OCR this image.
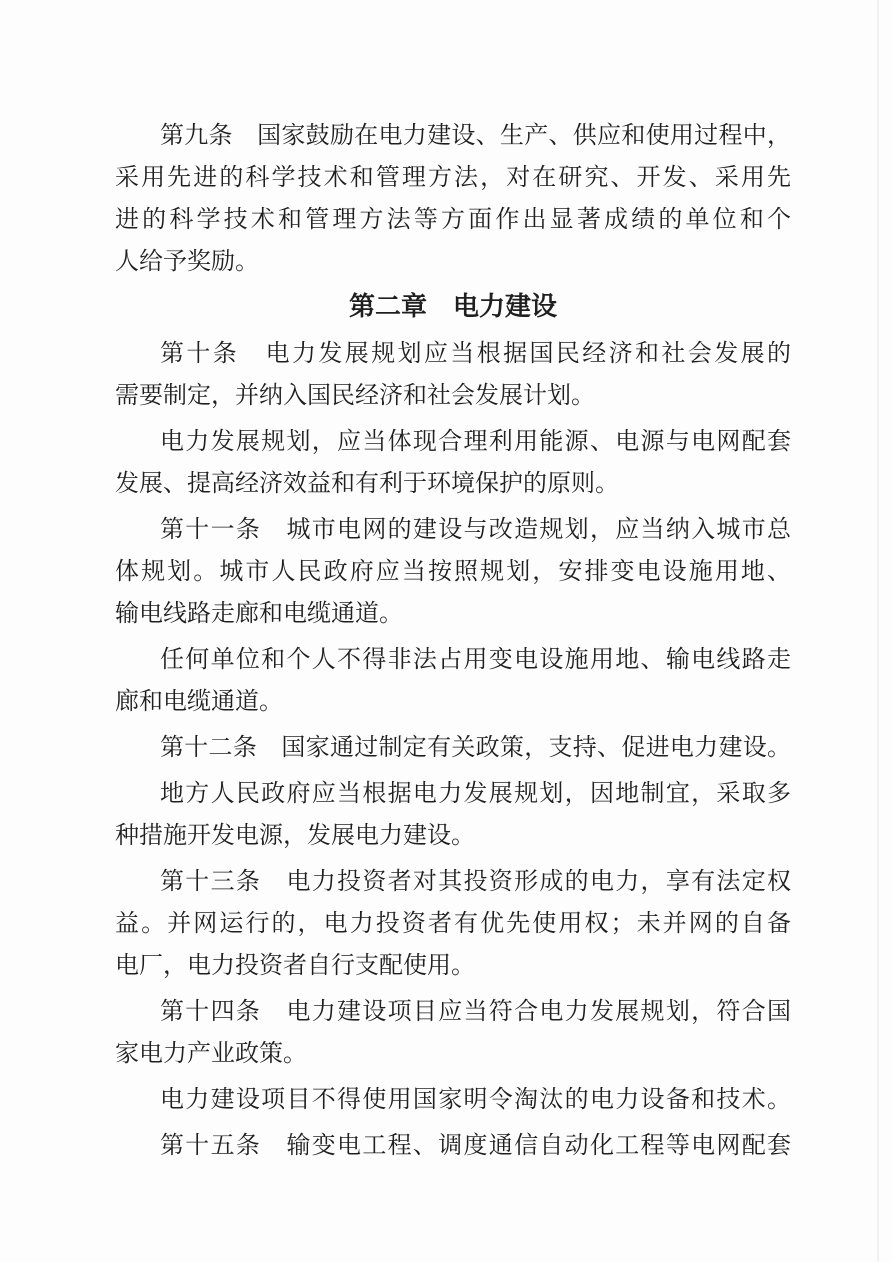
第九条　国家鼓励在电力建设、生产、供应和使用过程中，
采用先进的科学技术和管理方法，对在研究、开发、采用先
进的科学技术和管理方法等方面作出显著成绩的单位和个
人给予奖励。
第二章　电力建设
第十条　电力发展规划应当根据国民经济和社会发展的
需要制定，并纳入国民经济和社会发展计划。
电力发展规划，应当体现合理利用能源、电源与电网配套
发展、提高经济效益和有利于环境保护的原则。
第十一条　城市电网的建设与改造规划，应当纳入城市总
体规划。城市人民政府应当按照规划，安排变电设施用地、
输电线路走廊和电缆通道。
任何单位和个人不得非法占用变电设施用地、输电线路走
廊和电缆通道。
第十二条　国家通过制定有关政策，支持、促进电力建设。
地方人民政府应当根据电力发展规划，因地制宜，采取多
种措施开发电源，发展电力建设。
第十三条　电力投资者对其投资形成的电力，享有法定权
益。并网运行的，电力投资者有优先使用权；未并网的自备
电厂，电力投资者自行支配使用。
第十四条　电力建设项目应当符合电力发展规划，符合国
家电力产业政策。
电力建设项目不得使用国家明令淘汰的电力设备和技术。
第十五条　输变电工程、调度通信自动化工程等电网配套
